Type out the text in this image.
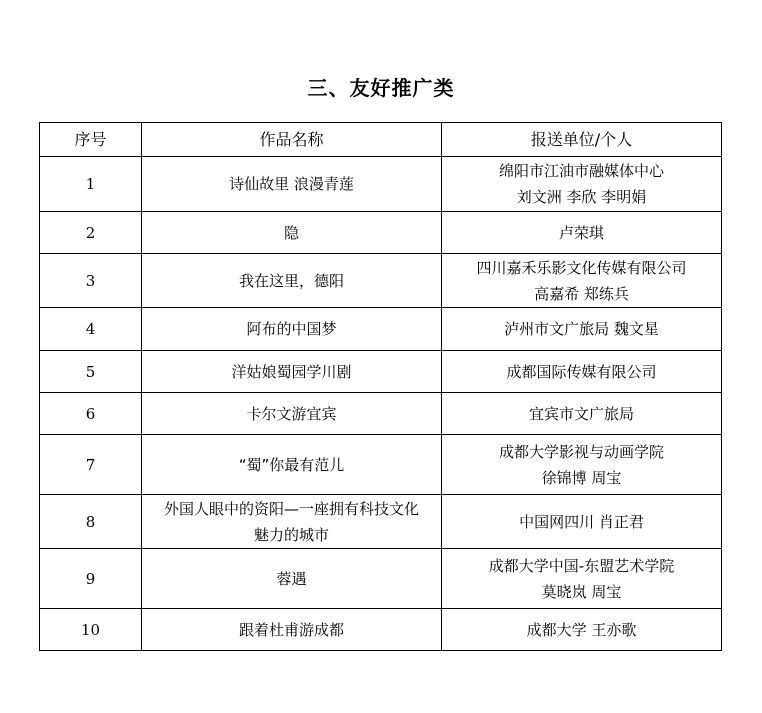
三、友好推广类
序号	作品名称	报送单位/个人
1	诗仙故里 浪漫青莲	绵阳市江油市融媒体中心
刘文洲 李欣 李明娟

2	隐	卢荣琪

3	我在这里，德阳	四川嘉禾乐影文化传媒有限公司
高嘉希 郑练兵

4	阿布的中国梦	泸州市文广旅局 魏文星

5	洋姑娘蜀园学川剧	成都国际传媒有限公司

6	卡尔文游宜宾	宜宾市文广旅局

7	“蜀”你最有范儿	成都大学影视与动画学院
徐锦博 周宝

8	外国人眼中的资阳—一座拥有科技文化
魅力的城市	中国网四川 肖正君

9	蓉遇	成都大学中国-东盟艺术学院
莫晓岚 周宝

10	跟着杜甫游成都	成都大学 王亦歌
